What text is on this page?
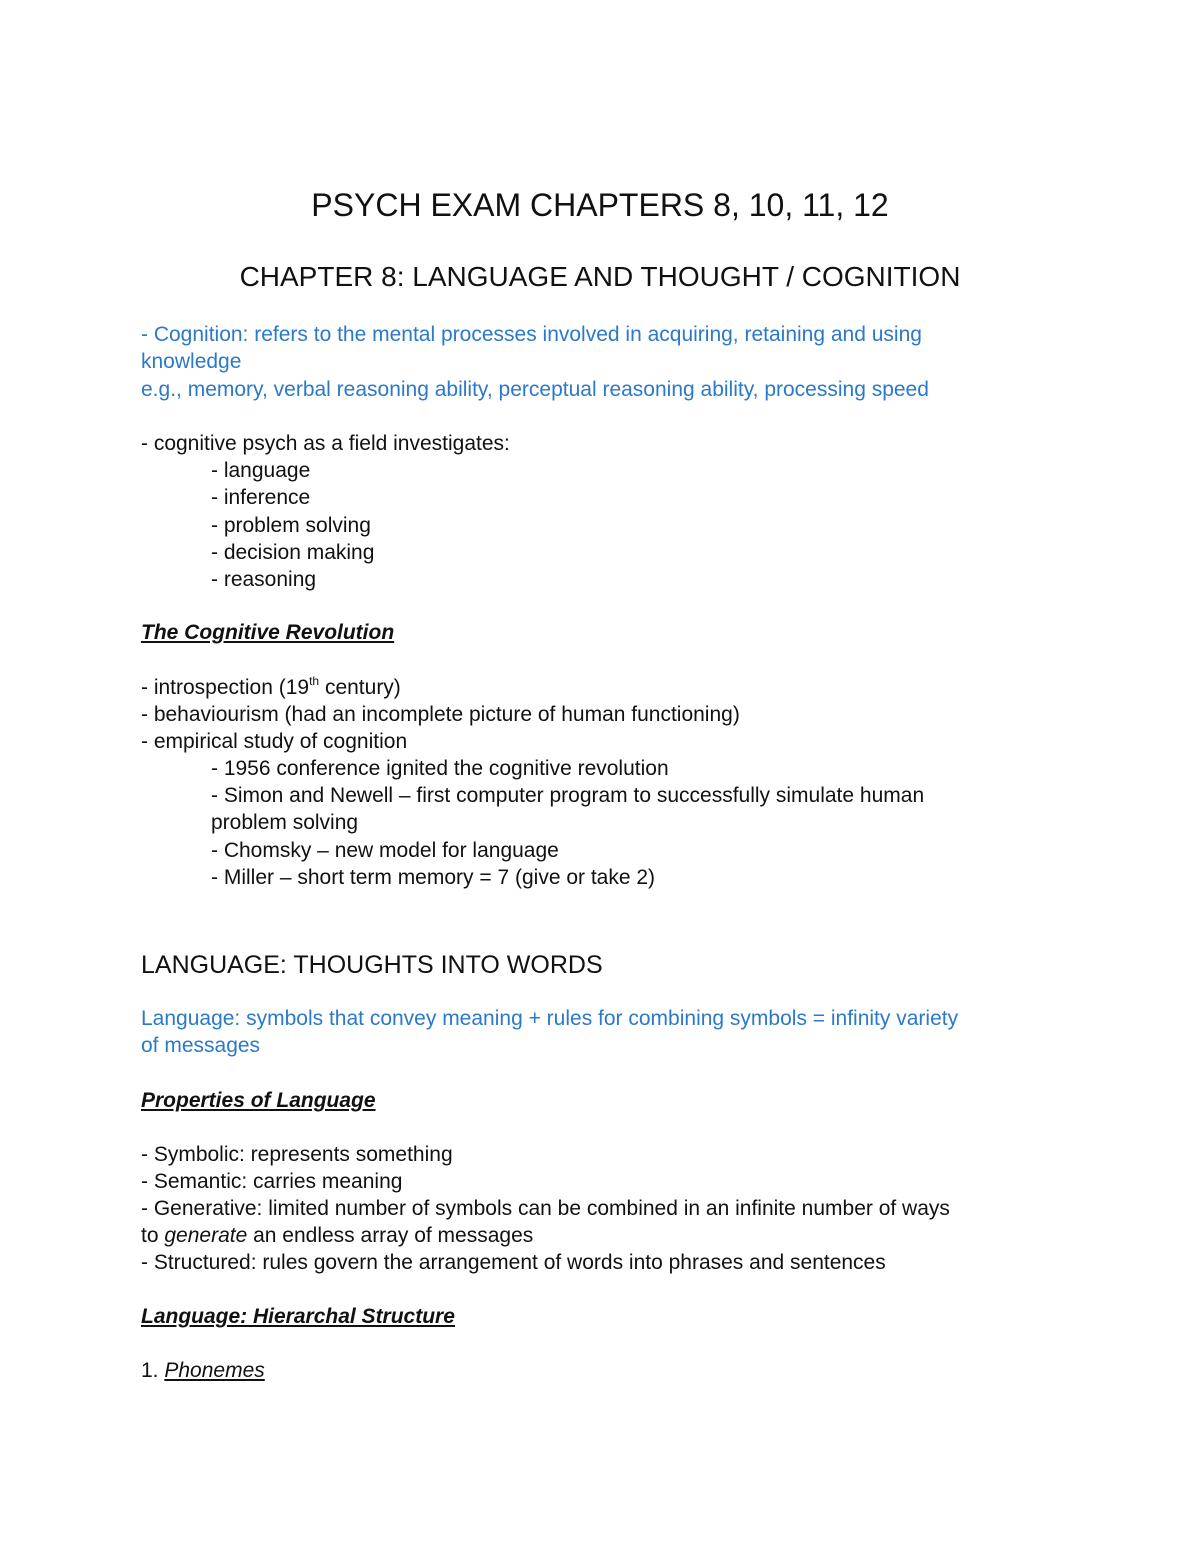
PSYCH EXAM CHAPTERS 8, 10, 11, 12
CHAPTER 8: LANGUAGE AND THOUGHT / COGNITION
- Cognition: refers to the mental processes involved in acquiring, retaining and using
knowledge
e.g., memory, verbal reasoning ability, perceptual reasoning ability, processing speed
- cognitive psych as a field investigates:
- language
- inference
- problem solving
- decision making
- reasoning
The Cognitive Revolution
- introspection (19th century)
- behaviourism (had an incomplete picture of human functioning)
- empirical study of cognition
- 1956 conference ignited the cognitive revolution
- Simon and Newell – first computer program to successfully simulate human
problem solving
- Chomsky – new model for language
- Miller – short term memory = 7 (give or take 2)
LANGUAGE: THOUGHTS INTO WORDS
Language: symbols that convey meaning + rules for combining symbols = infinity variety
of messages
Properties of Language
- Symbolic: represents something
- Semantic: carries meaning
- Generative: limited number of symbols can be combined in an infinite number of ways
to generate an endless array of messages
- Structured: rules govern the arrangement of words into phrases and sentences
Language: Hierarchal Structure
1. Phonemes
